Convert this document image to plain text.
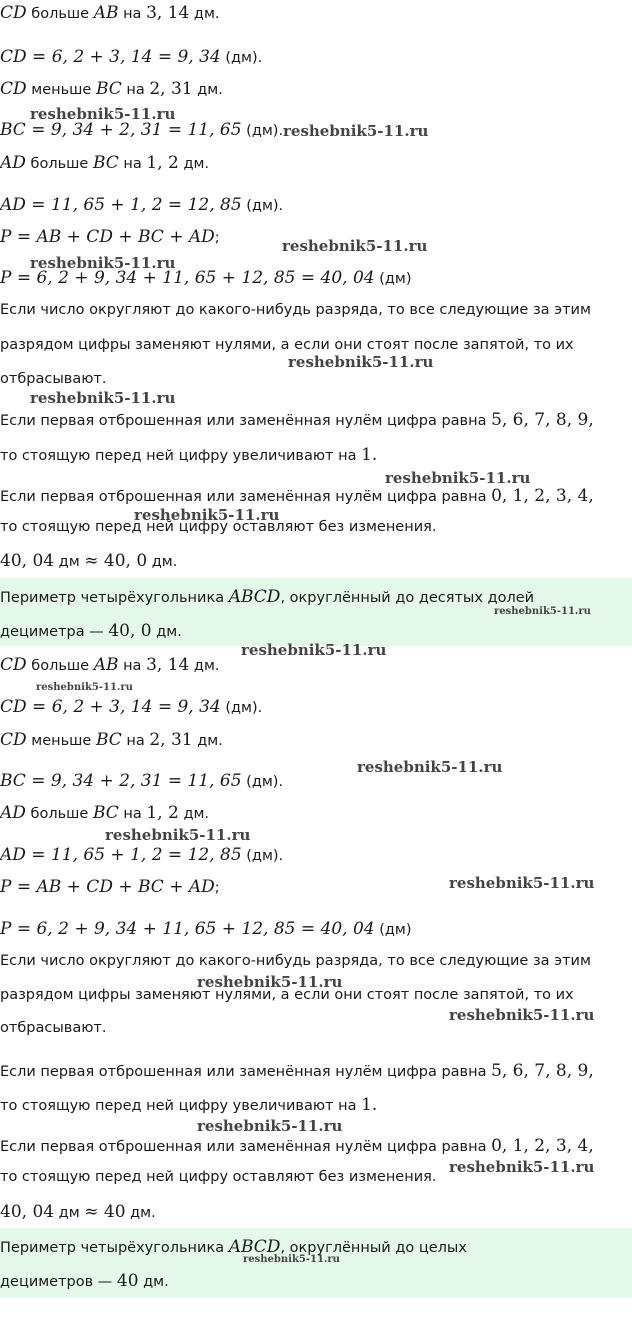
CD больше AB на 3, 14 дм.
CD = 6, 2 + 3, 14 = 9, 34 (дм).
CD меньше BC на 2, 31 дм.
BC = 9, 34 + 2, 31 = 11, 65 (дм).
AD больше BC на 1, 2 дм.
AD = 11, 65 + 1, 2 = 12, 85 (дм).
P = AB + CD + BC + AD;
P = 6, 2 + 9, 34 + 11, 65 + 12, 85 = 40, 04 (дм)
Если число округляют до какого-нибудь разряда, то все следующие за этим
разрядом цифры заменяют нулями, а если они стоят после запятой, то их
отбрасывают.
Если первая отброшенная или заменённая нулём цифра равна 5, 6, 7, 8, 9,
то стоящую перед ней цифру увеличивают на 1.
Если первая отброшенная или заменённая нулём цифра равна 0, 1, 2, 3, 4,
то стоящую перед ней цифру оставляют без изменения.
40, 04 дм ≈ 40, 0 дм.
Периметр четырёхугольника ABCD, округлённый до десятых долей
дециметра — 40, 0 дм.
CD больше AB на 3, 14 дм.
CD = 6, 2 + 3, 14 = 9, 34 (дм).
CD меньше BC на 2, 31 дм.
BC = 9, 34 + 2, 31 = 11, 65 (дм).
AD больше BC на 1, 2 дм.
AD = 11, 65 + 1, 2 = 12, 85 (дм).
P = AB + CD + BC + AD;
P = 6, 2 + 9, 34 + 11, 65 + 12, 85 = 40, 04 (дм)
Если число округляют до какого-нибудь разряда, то все следующие за этим
разрядом цифры заменяют нулями, а если они стоят после запятой, то их
отбрасывают.
Если первая отброшенная или заменённая нулём цифра равна 5, 6, 7, 8, 9,
то стоящую перед ней цифру увеличивают на 1.
Если первая отброшенная или заменённая нулём цифра равна 0, 1, 2, 3, 4,
то стоящую перед ней цифру оставляют без изменения.
40, 04 дм ≈ 40 дм.
Периметр четырёхугольника ABCD, округлённый до целых
дециметров — 40 дм.
reshebnik5-11.ru
reshebnik5-11.ru
reshebnik5-11.ru
reshebnik5-11.ru
reshebnik5-11.ru
reshebnik5-11.ru
reshebnik5-11.ru
reshebnik5-11.ru
reshebnik5-11.ru
reshebnik5-11.ru
reshebnik5-11.ru
reshebnik5-11.ru
reshebnik5-11.ru
reshebnik5-11.ru
reshebnik5-11.ru
reshebnik5-11.ru
reshebnik5-11.ru
reshebnik5-11.ru
reshebnik5-11.ru
